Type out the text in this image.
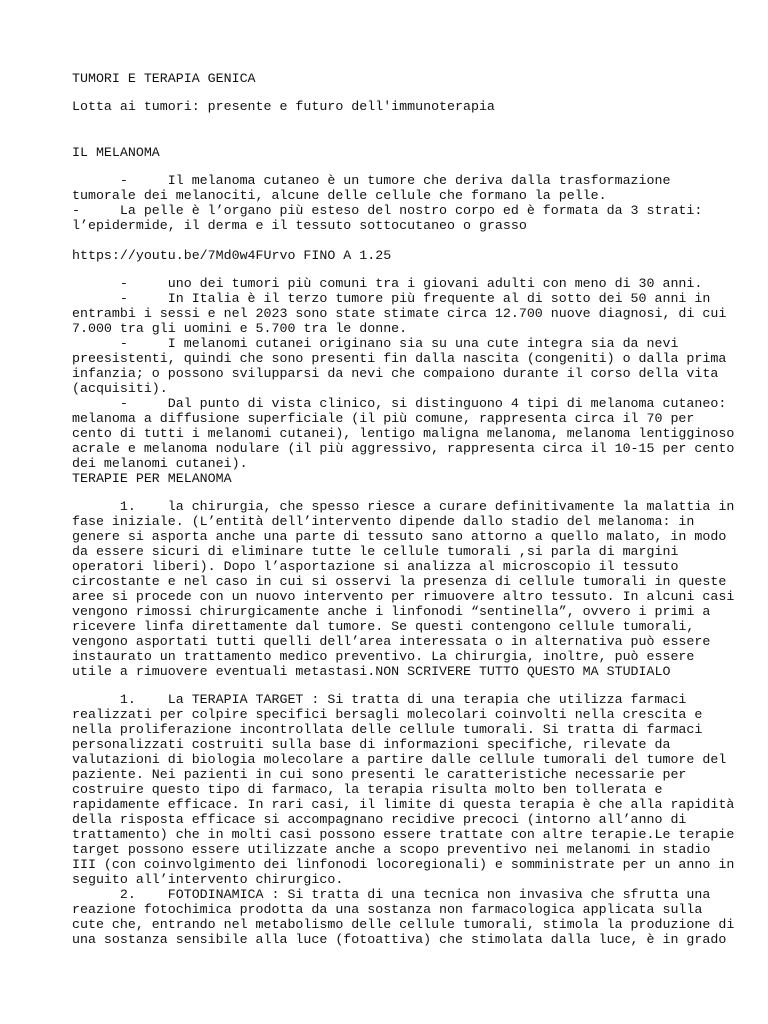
TUMORI E TERAPIA GENICA
Lotta ai tumori: presente e futuro dell'immunoterapia
IL MELANOMA
-     Il melanoma cutaneo è un tumore che deriva dalla trasformazione
tumorale dei melanociti, alcune delle cellule che formano la pelle.
-     La pelle è l’organo più esteso del nostro corpo ed è formata da 3 strati:
l’epidermide, il derma e il tessuto sottocutaneo o grasso
https://youtu.be/7Md0w4FUrvo FINO A 1.25
-     uno dei tumori più comuni tra i giovani adulti con meno di 30 anni.
-     In Italia è il terzo tumore più frequente al di sotto dei 50 anni in
entrambi i sessi e nel 2023 sono state stimate circa 12.700 nuove diagnosi, di cui
7.000 tra gli uomini e 5.700 tra le donne.
-     I melanomi cutanei originano sia su una cute integra sia da nevi
preesistenti, quindi che sono presenti fin dalla nascita (congeniti) o dalla prima
infanzia; o possono svilupparsi da nevi che compaiono durante il corso della vita
(acquisiti).
-     Dal punto di vista clinico, si distinguono 4 tipi di melanoma cutaneo:
melanoma a diffusione superficiale (il più comune, rappresenta circa il 70 per
cento di tutti i melanomi cutanei), lentigo maligna melanoma, melanoma lentigginoso
acrale e melanoma nodulare (il più aggressivo, rappresenta circa il 10-15 per cento
dei melanomi cutanei).
TERAPIE PER MELANOMA
1.    la chirurgia, che spesso riesce a curare definitivamente la malattia in
fase iniziale. (L’entità dell’intervento dipende dallo stadio del melanoma: in
genere si asporta anche una parte di tessuto sano attorno a quello malato, in modo
da essere sicuri di eliminare tutte le cellule tumorali ,si parla di margini
operatori liberi). Dopo l’asportazione si analizza al microscopio il tessuto
circostante e nel caso in cui si osservi la presenza di cellule tumorali in queste
aree si procede con un nuovo intervento per rimuovere altro tessuto. In alcuni casi
vengono rimossi chirurgicamente anche i linfonodi “sentinella”, ovvero i primi a
ricevere linfa direttamente dal tumore. Se questi contengono cellule tumorali,
vengono asportati tutti quelli dell’area interessata o in alternativa può essere
instaurato un trattamento medico preventivo. La chirurgia, inoltre, può essere
utile a rimuovere eventuali metastasi.NON SCRIVERE TUTTO QUESTO MA STUDIALO
1.    La TERAPIA TARGET : Si tratta di una terapia che utilizza farmaci
realizzati per colpire specifici bersagli molecolari coinvolti nella crescita e
nella proliferazione incontrollata delle cellule tumorali. Si tratta di farmaci
personalizzati costruiti sulla base di informazioni specifiche, rilevate da
valutazioni di biologia molecolare a partire dalle cellule tumorali del tumore del
paziente. Nei pazienti in cui sono presenti le caratteristiche necessarie per
costruire questo tipo di farmaco, la terapia risulta molto ben tollerata e
rapidamente efficace. In rari casi, il limite di questa terapia è che alla rapidità
della risposta efficace si accompagnano recidive precoci (intorno all’anno di
trattamento) che in molti casi possono essere trattate con altre terapie.Le terapie
target possono essere utilizzate anche a scopo preventivo nei melanomi in stadio
III (con coinvolgimento dei linfonodi locoregionali) e somministrate per un anno in
seguito all’intervento chirurgico.
2.    FOTODINAMICA : Si tratta di una tecnica non invasiva che sfrutta una
reazione fotochimica prodotta da una sostanza non farmacologica applicata sulla
cute che, entrando nel metabolismo delle cellule tumorali, stimola la produzione di
una sostanza sensibile alla luce (fotoattiva) che stimolata dalla luce, è in grado
